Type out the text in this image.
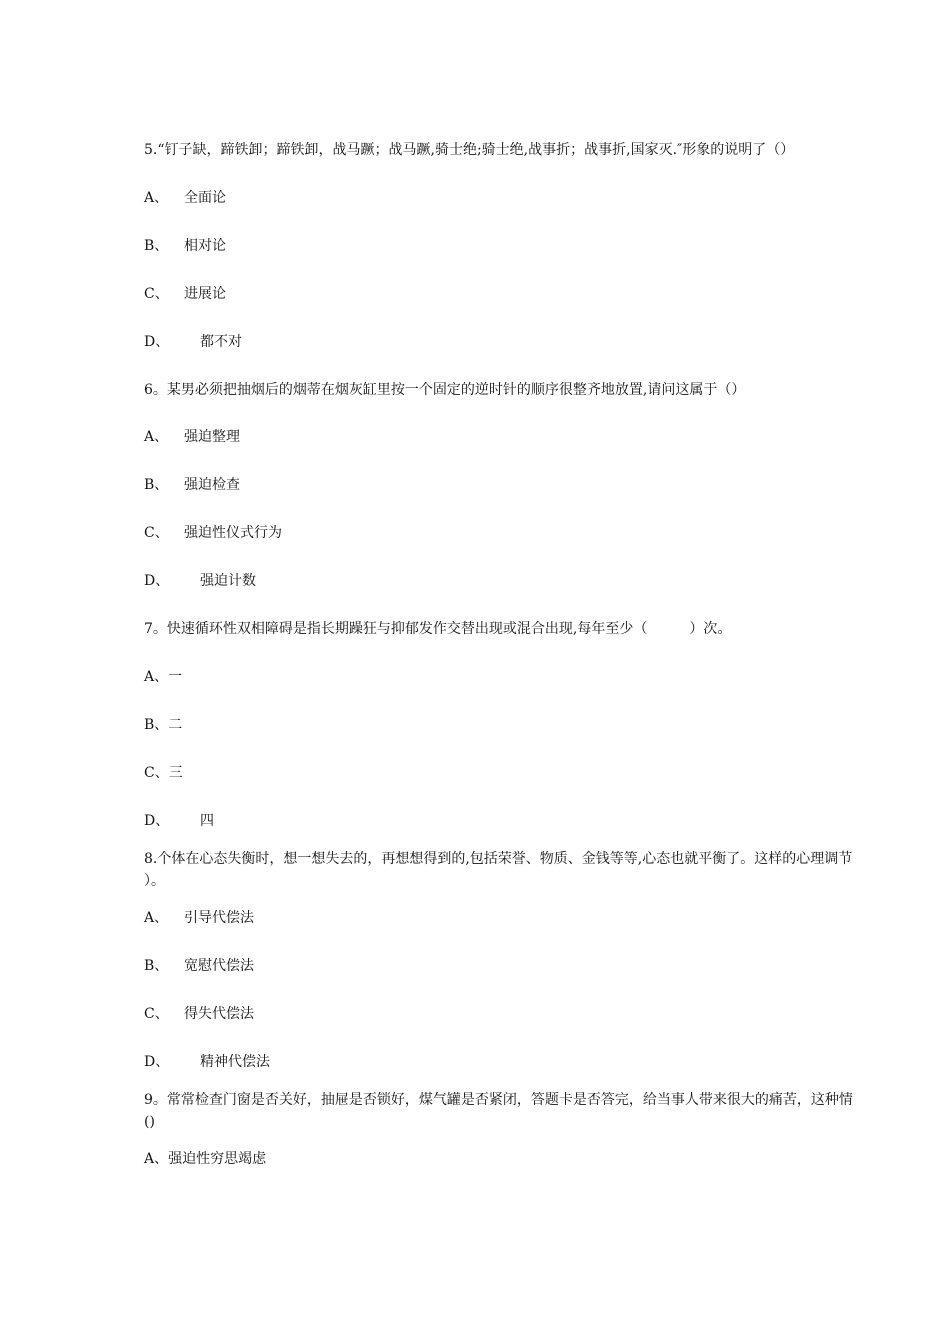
5.“钉子缺，蹄铁卸；蹄铁卸，战马蹶；战马蹶,骑士绝;骑士绝,战事折；战事折,国家灭.″形象的说明了（）
A、 全面论
B、 相对论
C、 进展论
D、 都不对
6。某男必须把抽烟后的烟蒂在烟灰缸里按一个固定的逆时针的顺序很整齐地放置,请问这属于（）
A、 强迫整理
B、 强迫检查
C、 强迫性仪式行为
D、 强迫计数
7。快速循环性双相障碍是指长期躁狂与抑郁发作交替出现或混合出现,每年至少（　　　）次。
A、一
B、二
C、三
D、 四
8.个体在心态失衡时，想一想失去的，再想想得到的,包括荣誉、物质、金钱等等,心态也就平衡了。这样的心理调节
）。
A、 引导代偿法
B、 宽慰代偿法
C、 得失代偿法
D、 精神代偿法
9。常常检查门窗是否关好，抽屉是否锁好，煤气罐是否紧闭，答题卡是否答完，给当事人带来很大的痛苦，这种情
()
A、强迫性穷思竭虑
